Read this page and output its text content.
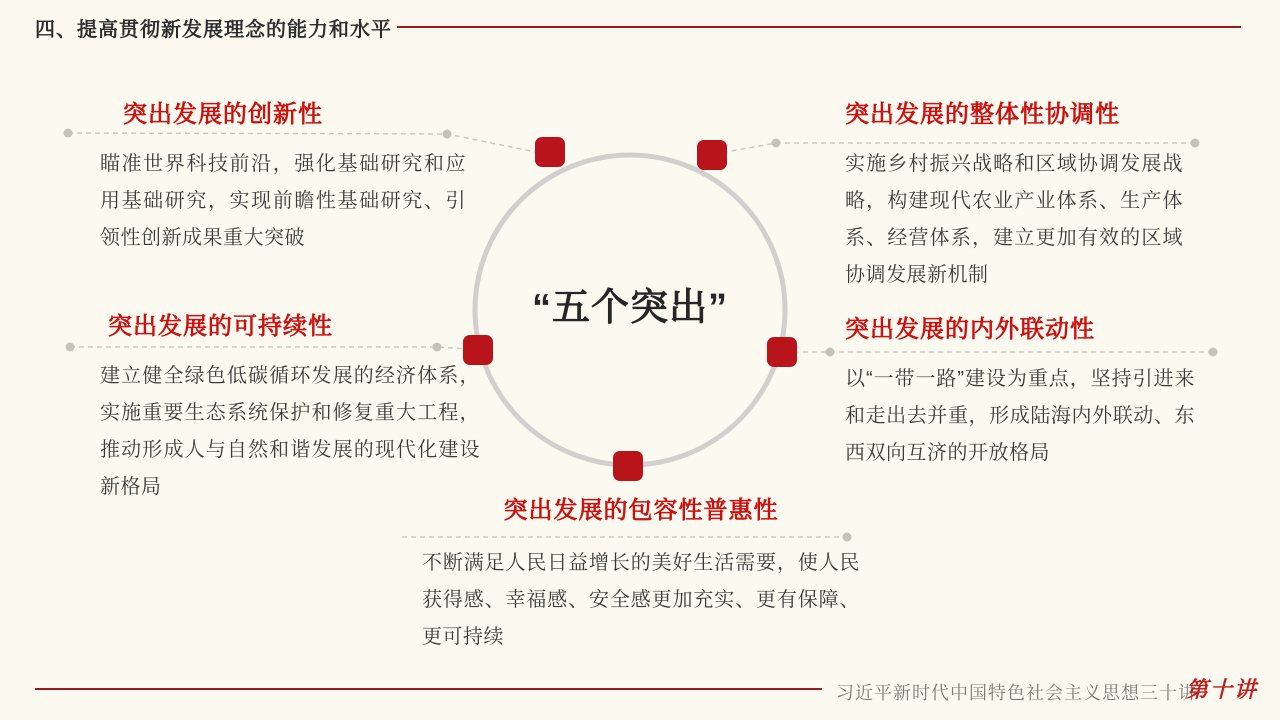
四、提高贯彻新发展理念的能力和水平
“五个突出”
突出发展的创新性

瞄准世界科技前沿，强化基础研究和应用基础研究，实现前瞻性基础研究、引领性创新成果重大突破

突出发展的整体性协调性

实施乡村振兴战略和区域协调发展战略，构建现代农业产业体系、生产体系、经营体系，建立更加有效的区域协调发展新机制

突出发展的可持续性

建立健全绿色低碳循环发展的经济体系，实施重要生态系统保护和修复重大工程，推动形成人与自然和谐发展的现代化建设新格局

突出发展的内外联动性

以“一带一路”建设为重点，坚持引进来和走出去并重，形成陆海内外联动、东西双向互济的开放格局

突出发展的包容性普惠性

不断满足人民日益增长的美好生活需要，使人民获得感、幸福感、安全感更加充实、更有保障、更可持续

习近平新时代中国特色社会主义思想三十讲
第十讲
